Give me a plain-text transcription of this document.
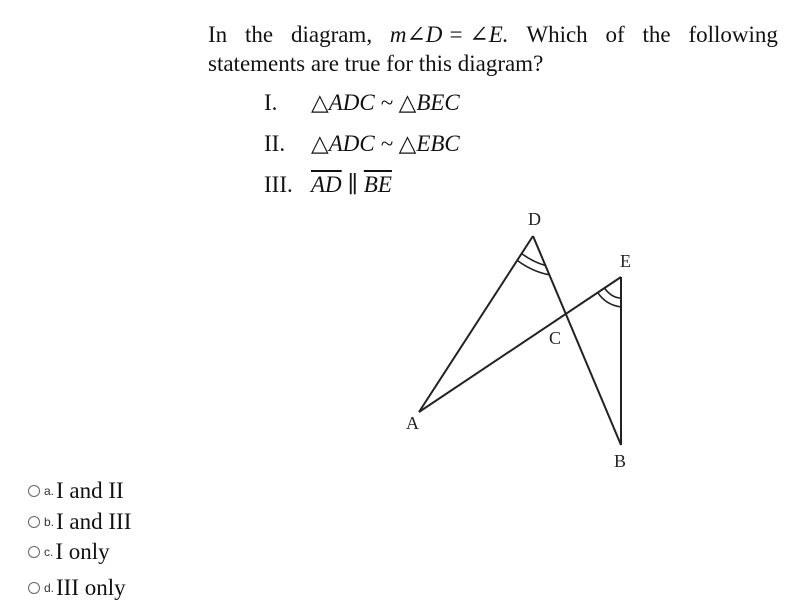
In the diagram, m∠D = ∠E. Which of the following
statements are true for this diagram?
I. △ADC ~ △BEC
II. △ADC ~ △EBC
III. $\overline{AD}$ ∥ $\overline{BE}$
D
E
C
A
B
a. I and II
b. I and III
c. I only
d. III only
